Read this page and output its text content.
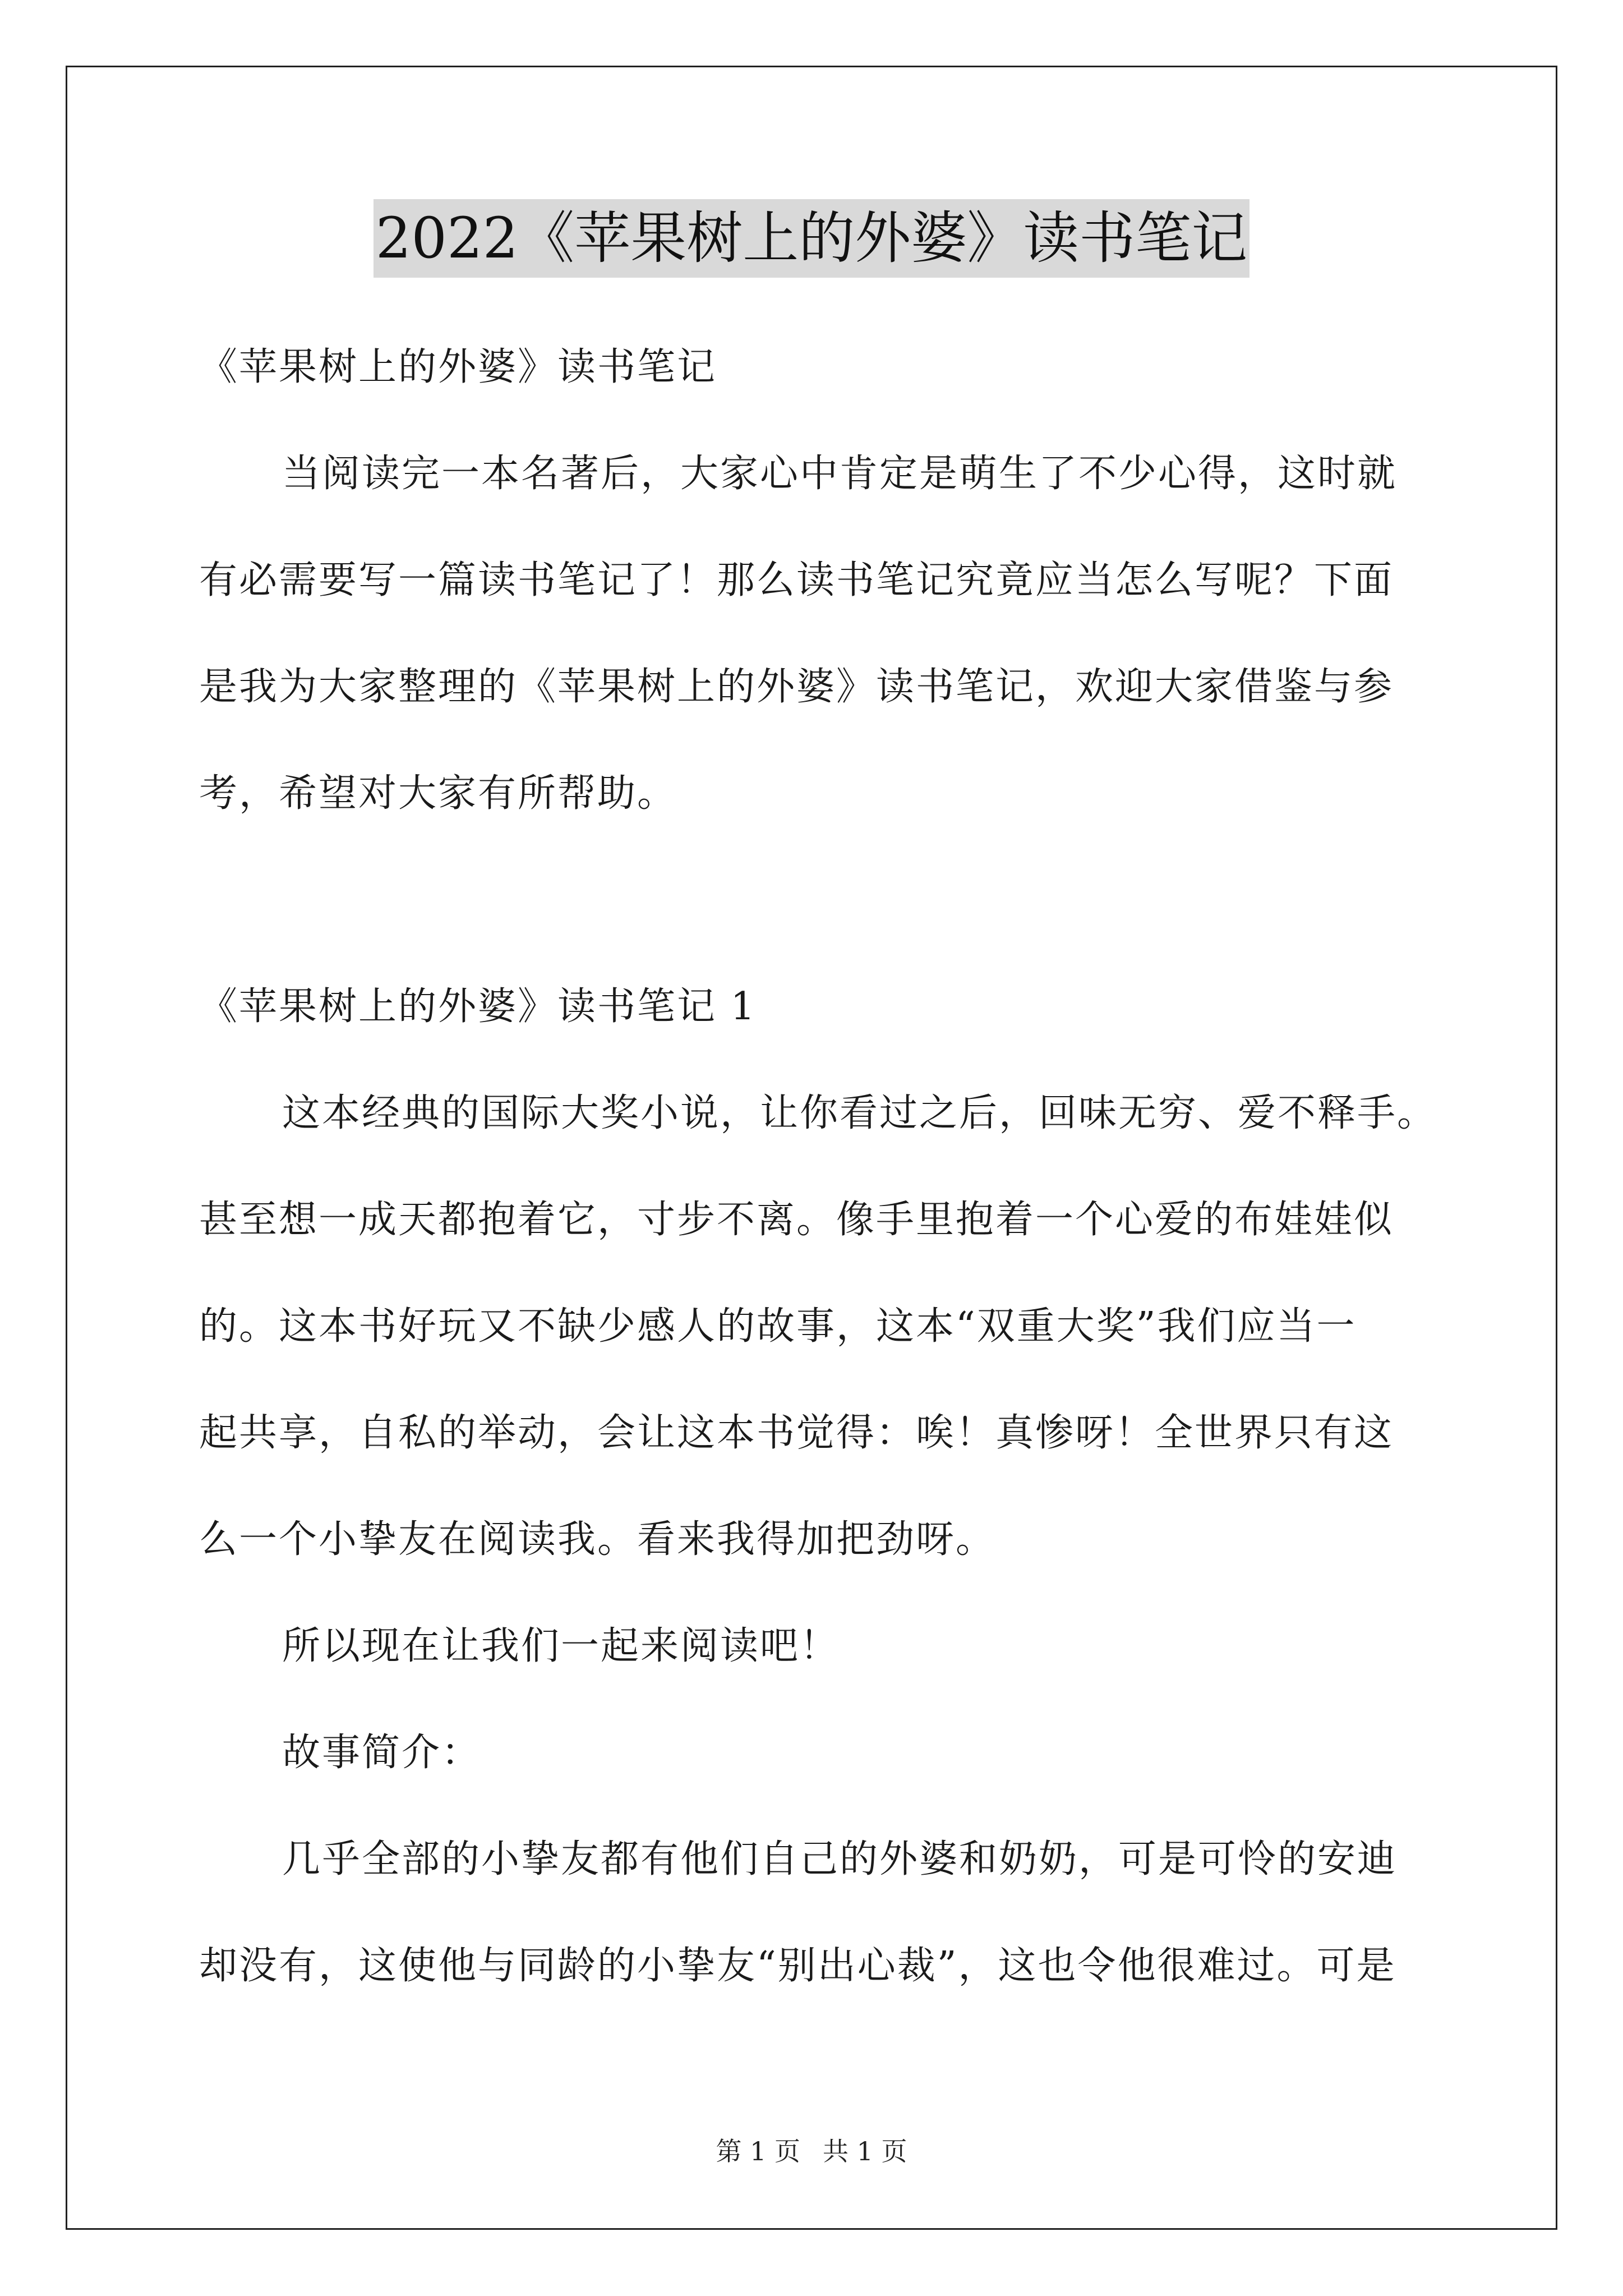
2022《苹果树上的外婆》读书笔记
《苹果树上的外婆》读书笔记
当阅读完一本名著后，大家心中肯定是萌生了不少心得，这时就
有必需要写一篇读书笔记了！那么读书笔记究竟应当怎么写呢？下面
是我为大家整理的《苹果树上的外婆》读书笔记，欢迎大家借鉴与参
考，希望对大家有所帮助。
《苹果树上的外婆》读书笔记 1
这本经典的国际大奖小说，让你看过之后，回味无穷、爱不释手。
甚至想一成天都抱着它，寸步不离。像手里抱着一个心爱的布娃娃似
的。这本书好玩又不缺少感人的故事，这本“双重大奖”我们应当一
起共享，自私的举动，会让这本书觉得：唉！真惨呀！全世界只有这
么一个小挚友在阅读我。看来我得加把劲呀。
所以现在让我们一起来阅读吧！
故事简介：
几乎全部的小挚友都有他们自己的外婆和奶奶，可是可怜的安迪
却没有，这使他与同龄的小挚友“别出心裁”，这也令他很难过。可是
第 1 页 共 1 页
